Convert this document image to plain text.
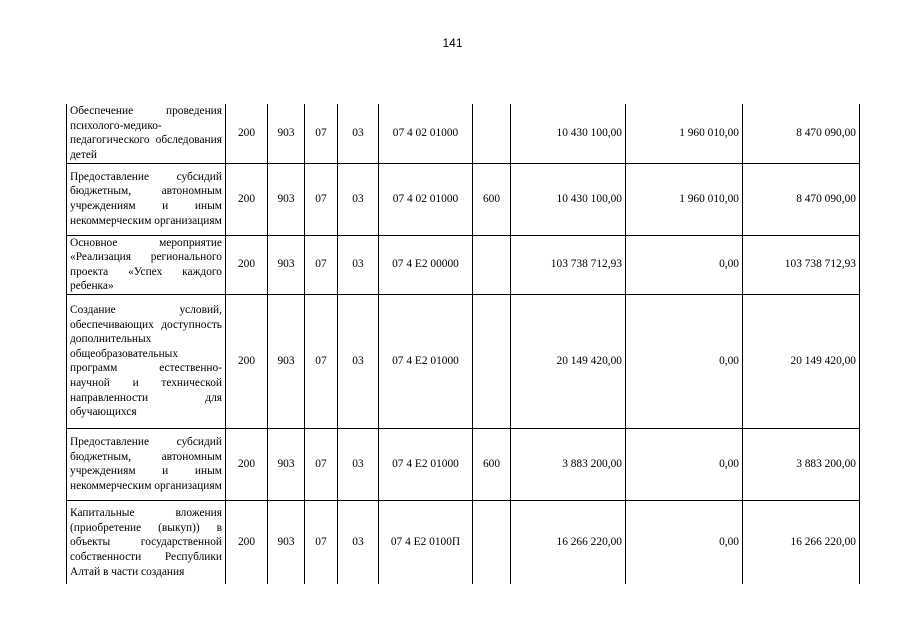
141
Обеспечение проведения психолого-медико-педагогического обследования детей	200	903	07	03	07 4 02 01000		10 430 100,00	1 960 010,00	8 470 090,00
Предоставление субсидий бюджетным, автономным учреждениям и иным некоммерческим организациям	200	903	07	03	07 4 02 01000	600	10 430 100,00	1 960 010,00	8 470 090,00
Основное мероприятие «Реализация регионального проекта «Успех каждого ребенка»	200	903	07	03	07 4 Е2 00000		103 738 712,93	0,00	103 738 712,93
Создание условий, обеспечивающих доступность дополнительных общеобразовательных программ естественно-научной и технической направленности для обучающихся	200	903	07	03	07 4 Е2 01000		20 149 420,00	0,00	20 149 420,00
Предоставление субсидий бюджетным, автономным учреждениям и иным некоммерческим организациям	200	903	07	03	07 4 Е2 01000	600	3 883 200,00	0,00	3 883 200,00
Капитальные вложения (приобретение (выкуп)) в объекты государственной собственности Республики Алтай в части создания	200	903	07	03	07 4 Е2 0100П		16 266 220,00	0,00	16 266 220,00
